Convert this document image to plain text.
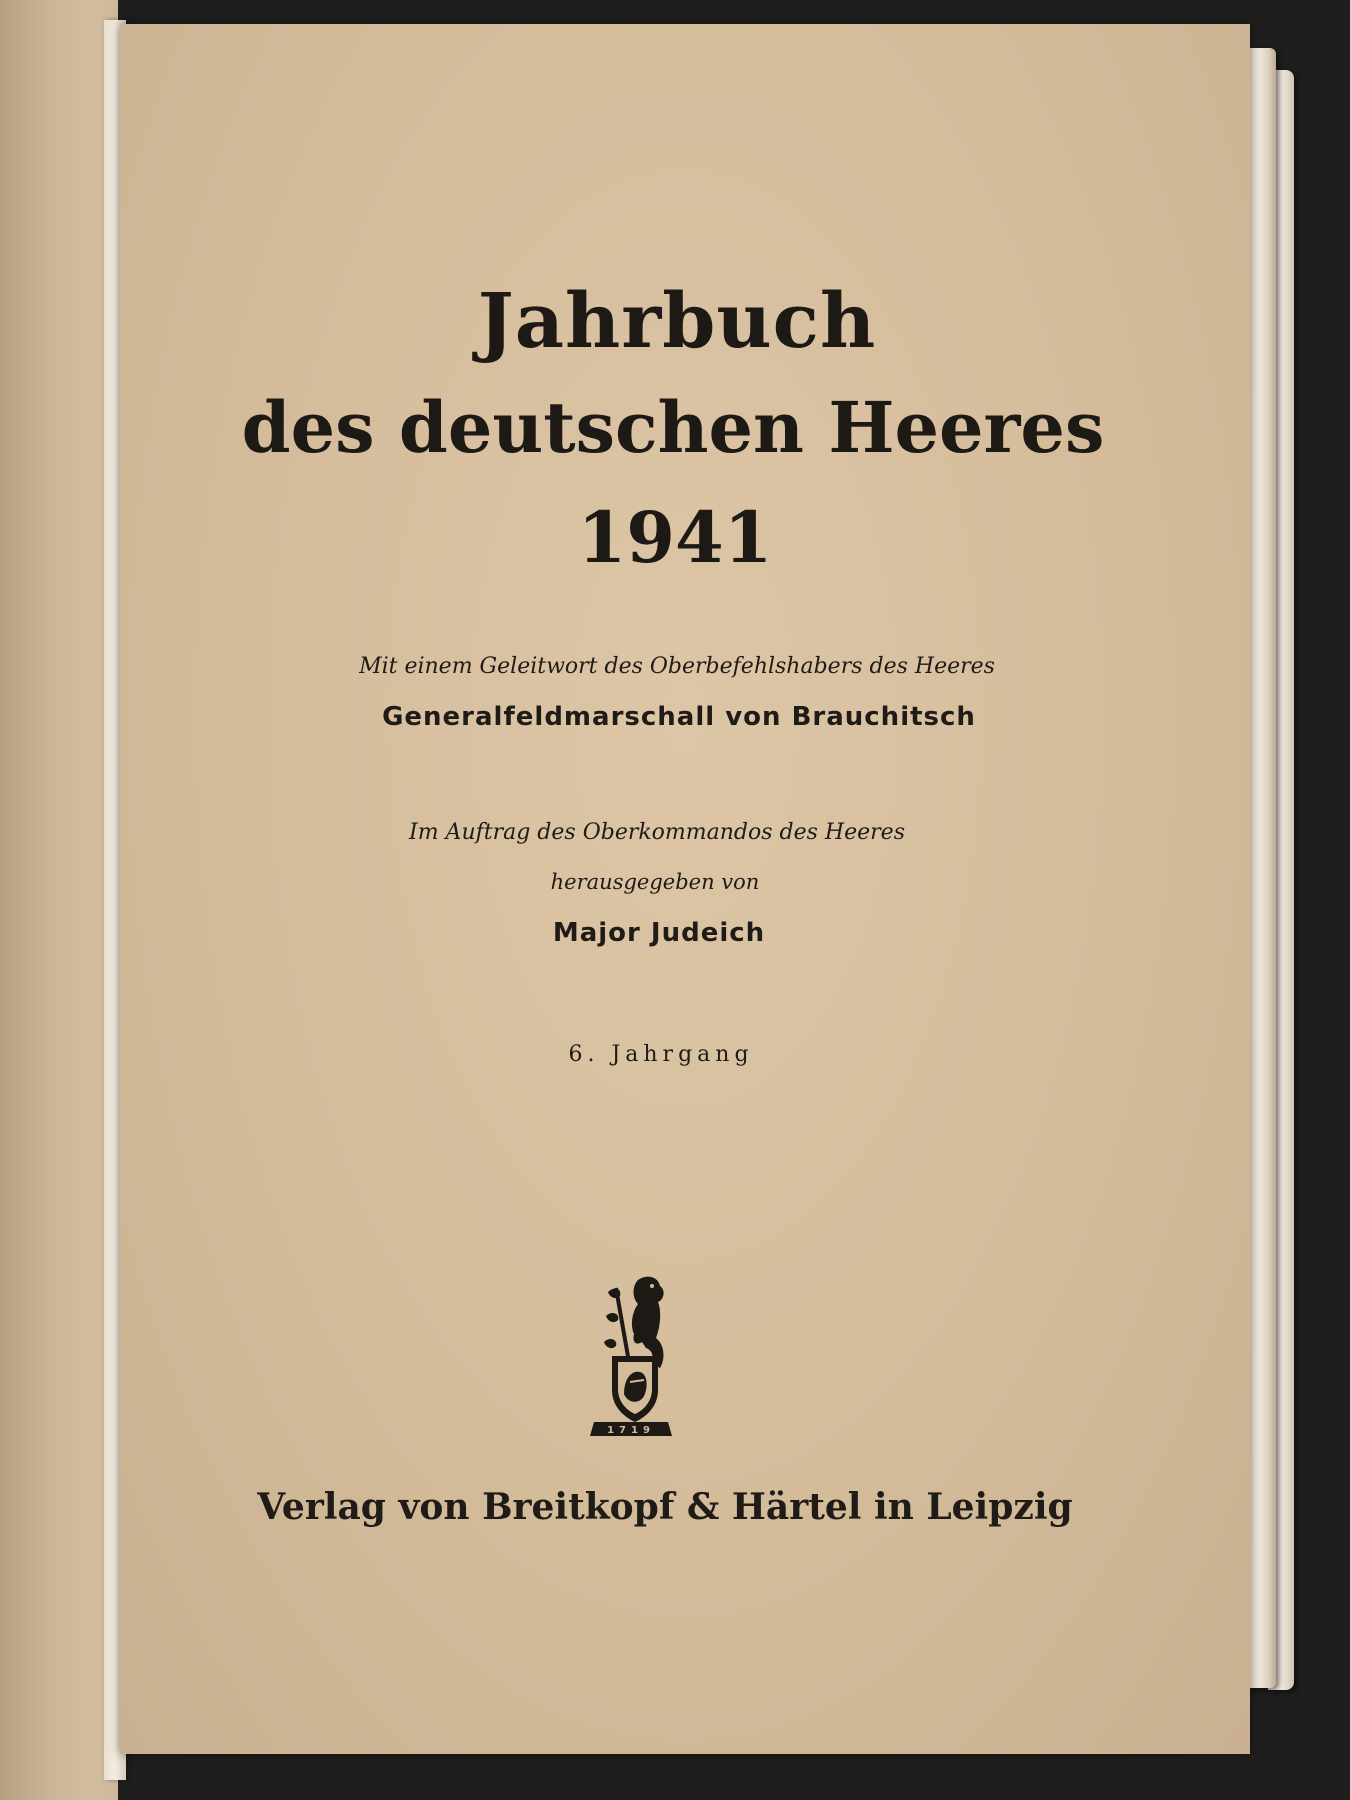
Jahrbuch
des deutschen Heeres
1941
Mit einem Geleitwort des Oberbefehlshabers des Heeres
Generalfeldmarschall von Brauchitsch
Im Auftrag des Oberkommandos des Heeres
herausgegeben von
Major Judeich
6. Jahrgang
1719
Verlag von Breitkopf & Härtel in Leipzig
